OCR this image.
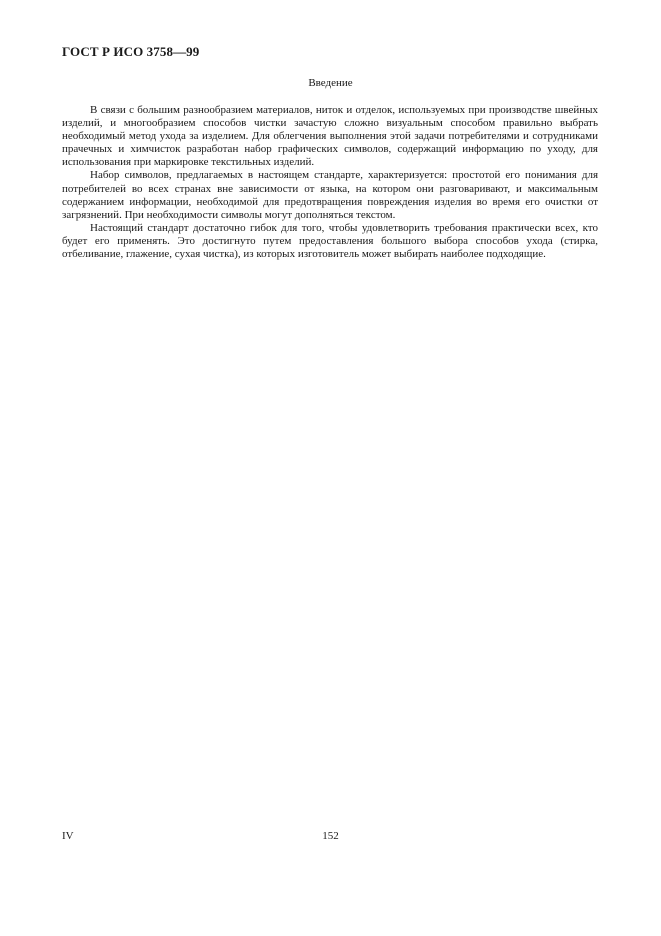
ГОСТ Р ИСО 3758—99
Введение

В связи с большим разнообразием материалов, ниток и отделок, используемых при производстве швейных изделий, и многообразием способов чистки зачастую сложно визуальным способом правильно выбрать необходимый метод ухода за изделием. Для облегчения выполнения этой задачи потребителями и сотрудниками прачечных и химчисток разработан набор графических символов, содержащий информацию по уходу, для использования при маркировке текстильных изделий.

Набор символов, предлагаемых в настоящем стандарте, характеризуется: простотой его понимания для потребителей во всех странах вне зависимости от языка, на котором они разговаривают, и максимальным содержанием информации, необходимой для предотвращения повреждения изделия во время его очистки от загрязнений. При необходимости символы могут дополняться текстом.

Настоящий стандарт достаточно гибок для того, чтобы удовлетворить требования практически всех, кто будет его применять. Это достигнуто путем предоставления большого выбора способов ухода (стирка, отбеливание, глажение, сухая чистка), из которых изготовитель может выбирать наиболее подходящие.

IV	152
